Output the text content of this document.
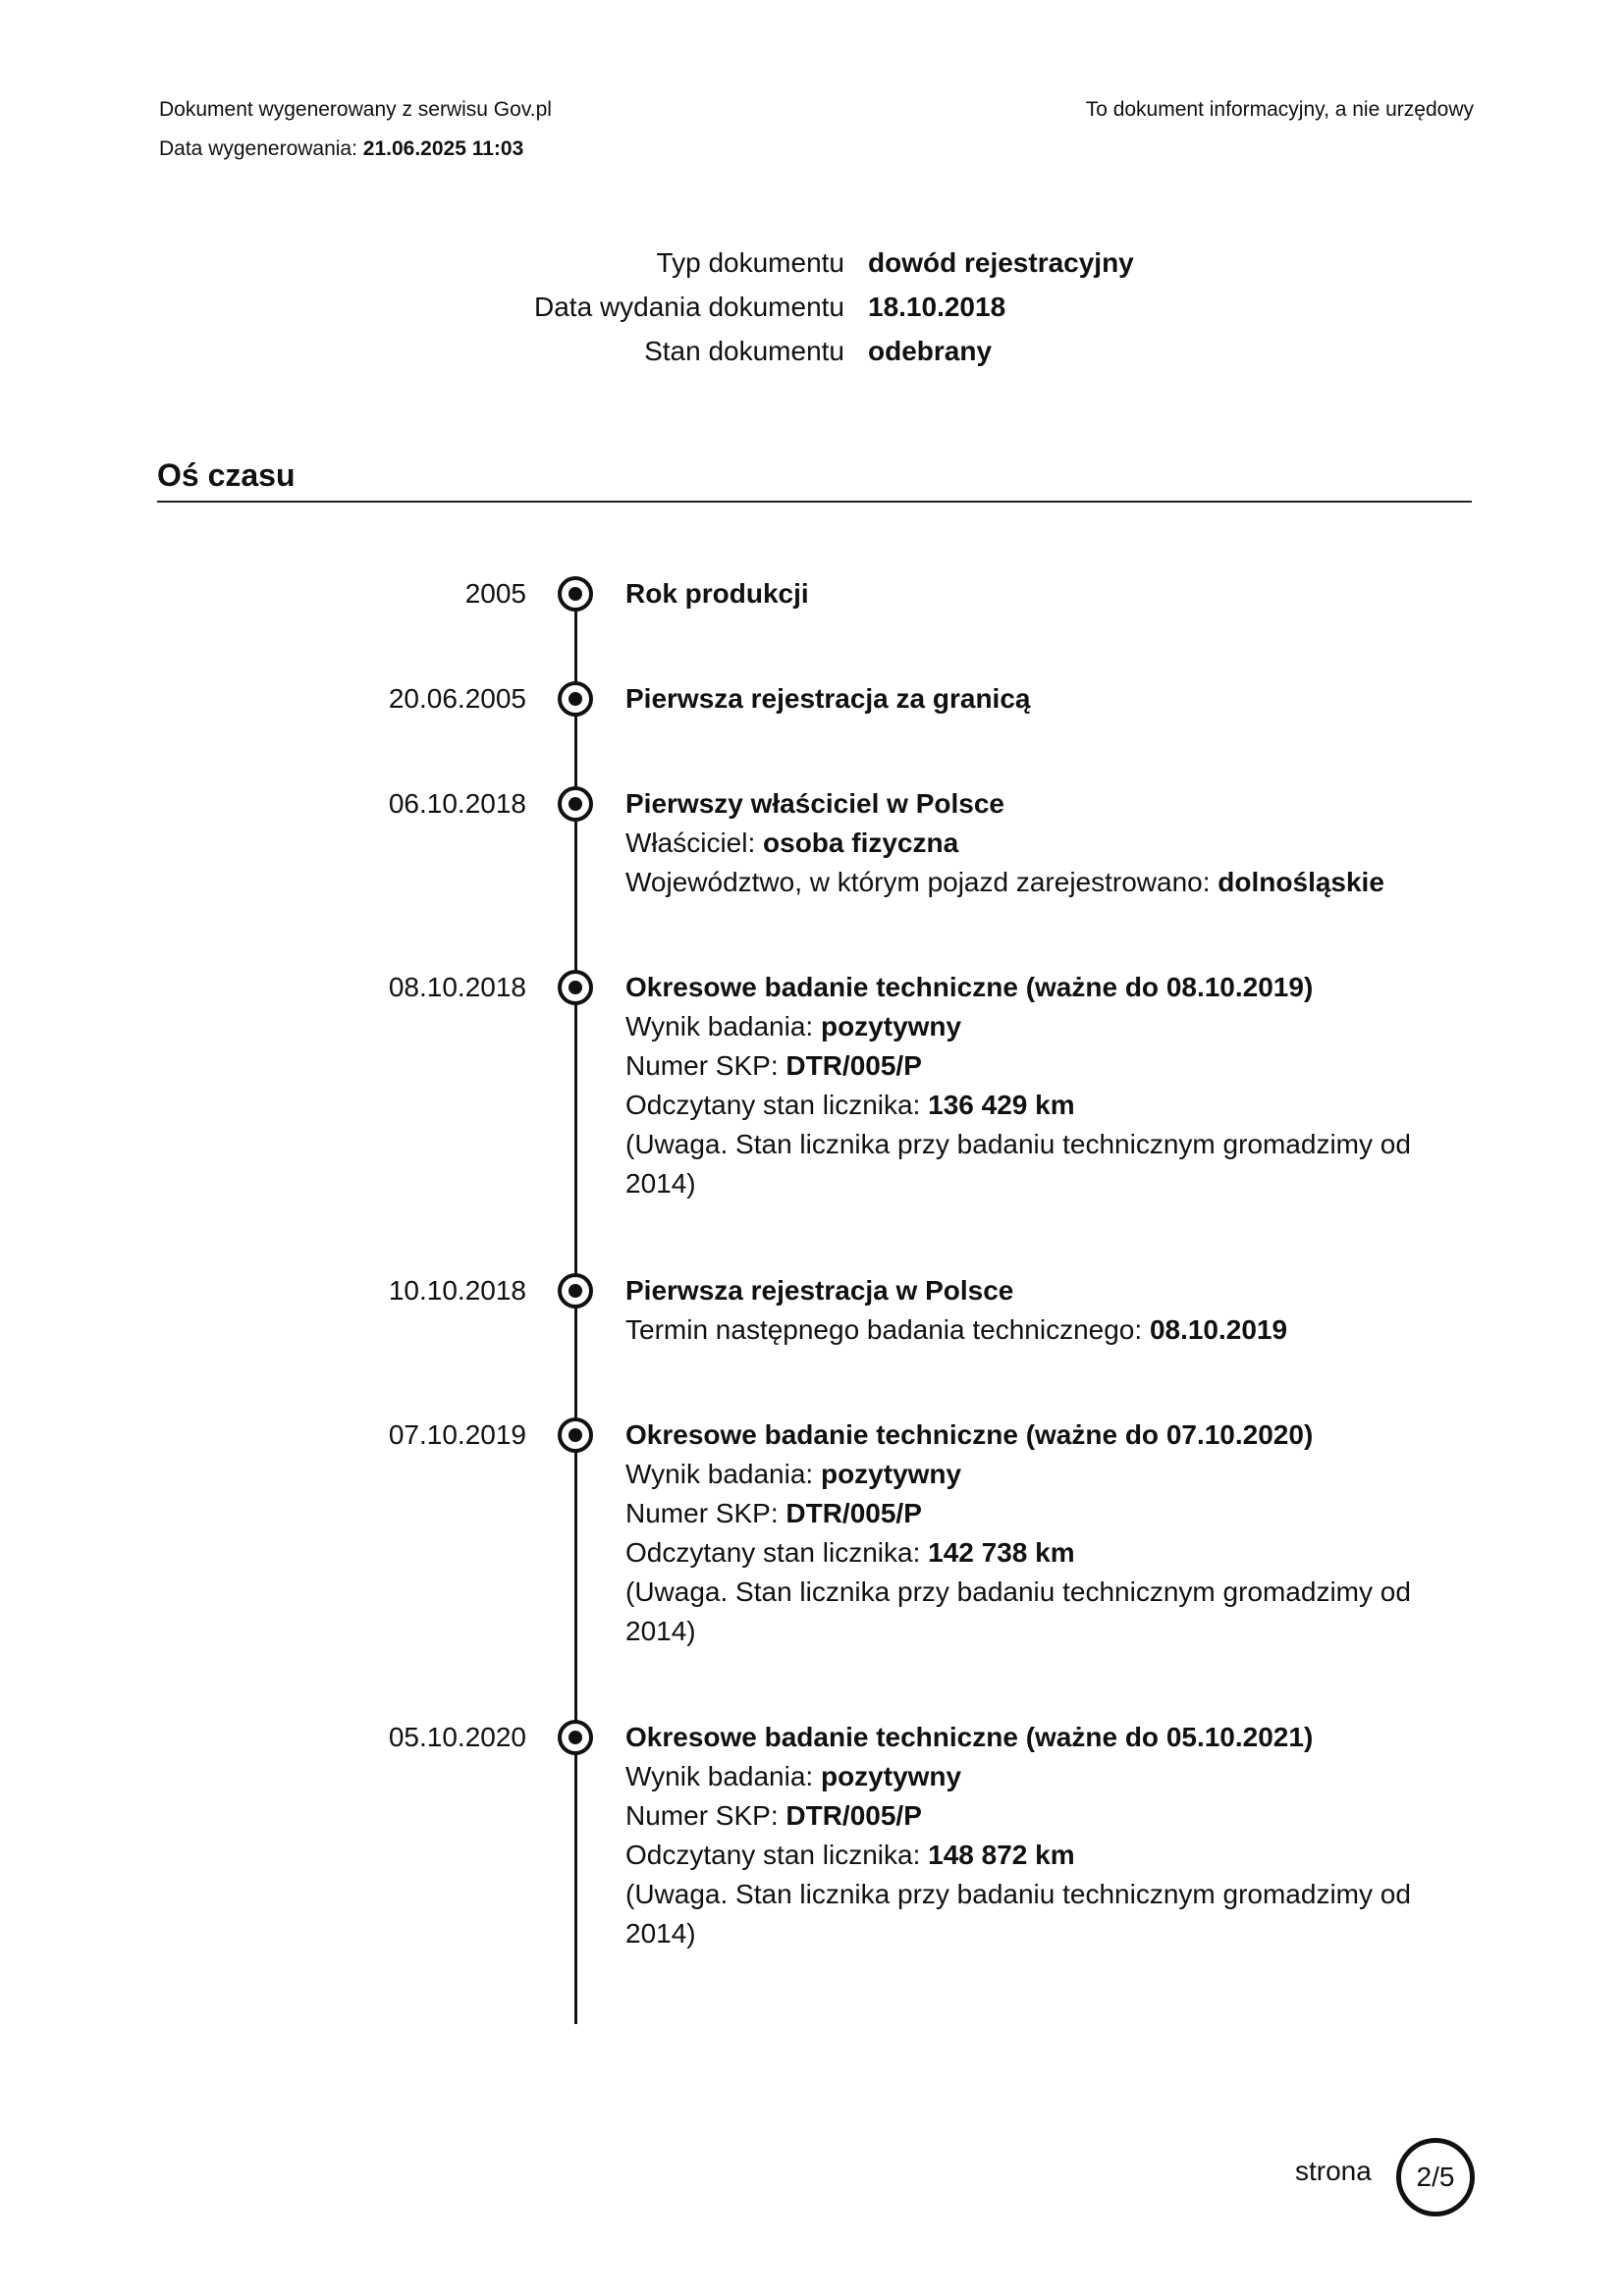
Dokument wygenerowany z serwisu Gov.pl
Data wygenerowania: 21.06.2025 11:03
To dokument informacyjny, a nie urzędowy
Typ dokumentu dowód rejestracyjny
Data wydania dokumentu 18.10.2018
Stan dokumentu odebrany
Oś czasu
2005	Rok produkcji
20.06.2005	Pierwsza rejestracja za granicą
06.10.2018	Pierwszy właściciel w Polsce
Właściciel: osoba fizyczna
Województwo, w którym pojazd zarejestrowano: dolnośląskie
08.10.2018	Okresowe badanie techniczne (ważne do 08.10.2019)
Wynik badania: pozytywny
Numer SKP: DTR/005/P
Odczytany stan licznika: 136 429 km
(Uwaga. Stan licznika przy badaniu technicznym gromadzimy od 2014)
10.10.2018	Pierwsza rejestracja w Polsce
Termin następnego badania technicznego: 08.10.2019
07.10.2019	Okresowe badanie techniczne (ważne do 07.10.2020)
Wynik badania: pozytywny
Numer SKP: DTR/005/P
Odczytany stan licznika: 142 738 km
(Uwaga. Stan licznika przy badaniu technicznym gromadzimy od 2014)
05.10.2020	Okresowe badanie techniczne (ważne do 05.10.2021)
Wynik badania: pozytywny
Numer SKP: DTR/005/P
Odczytany stan licznika: 148 872 km
(Uwaga. Stan licznika przy badaniu technicznym gromadzimy od 2014)
strona 2/5
